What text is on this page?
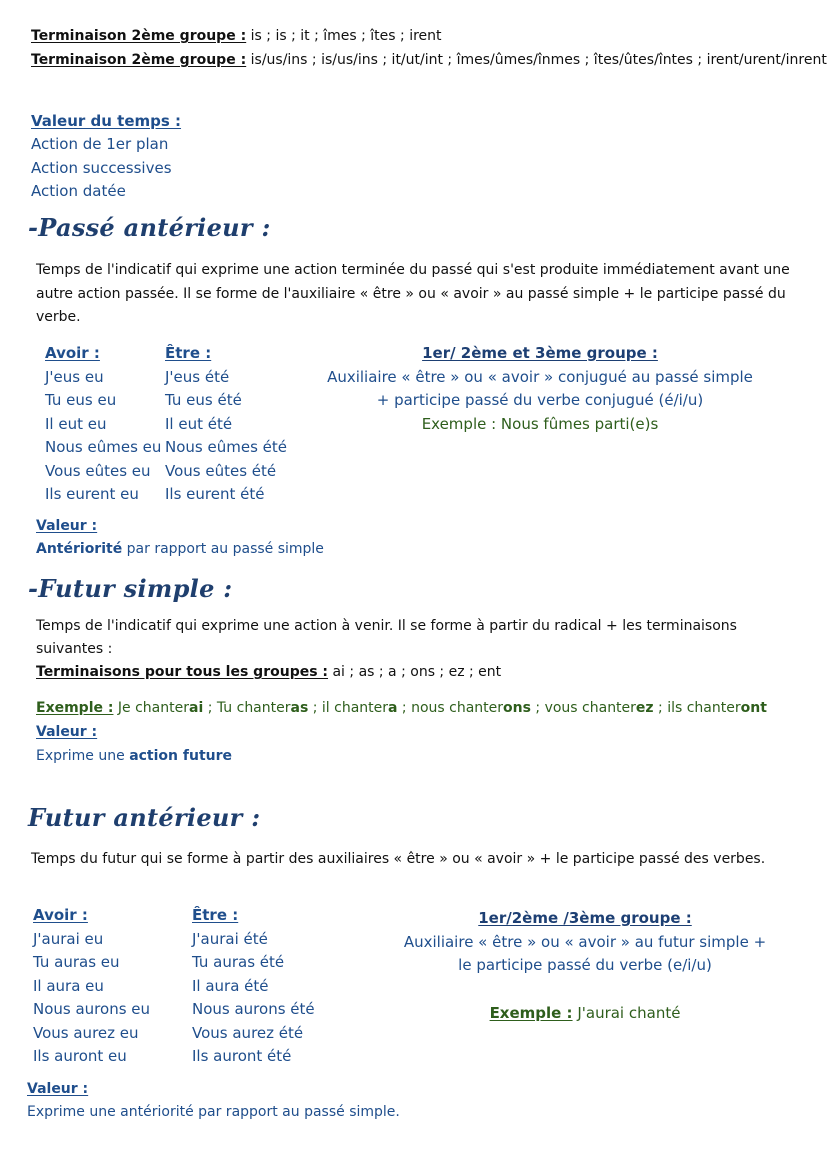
Terminaison 2ème groupe : is ; is ; it ; îmes ; îtes ; irent
Terminaison 2ème groupe : is/us/ins ; is/us/ins ; it/ut/int ; îmes/ûmes/înmes ; îtes/ûtes/întes ; irent/urent/inrent
Valeur du temps :
Action de 1er plan
Action successives
Action datée
-Passé antérieur :
Temps de l'indicatif qui exprime une action terminée du passé qui s'est produite immédiatement avant une autre action passée. Il se forme de l'auxiliaire « être » ou « avoir » au passé simple + le participe passé du verbe.
Avoir :
J'eus eu
Tu eus eu
Il eut eu
Nous eûmes eu
Vous eûtes eu
Ils eurent eu
Être :
J'eus été
Tu eus été
Il eut été
Nous eûmes été
Vous eûtes été
Ils eurent été
1er/ 2ème et 3ème groupe :
Auxiliaire « être » ou « avoir » conjugué au passé simple + participe passé du verbe conjugué (é/i/u)
Exemple : Nous fûmes parti(e)s
Valeur :
Antériorité par rapport au passé simple
-Futur simple :
Temps de l'indicatif qui exprime une action à venir. Il se forme à partir du radical + les terminaisons suivantes :
Terminaisons pour tous les groupes : ai ; as ; a ; ons ; ez ; ent
Exemple : Je chanterai ; Tu chanteras ; il chantera ; nous chanterons ; vous chanterez ; ils chanteront
Valeur :
Exprime une action future
Futur antérieur :
Temps du futur qui se forme à partir des auxiliaires « être » ou « avoir » + le participe passé des verbes.
Avoir :
J'aurai eu
Tu auras eu
Il aura eu
Nous aurons eu
Vous aurez eu
Ils auront eu
Être :
J'aurai été
Tu auras été
Il aura été
Nous aurons été
Vous aurez été
Ils auront été
1er/2ème /3ème groupe :
Auxiliaire « être » ou « avoir » au futur simple + le participe passé du verbe (e/i/u)
Exemple : J'aurai chanté
Valeur :
Exprime une antériorité par rapport au passé simple.
